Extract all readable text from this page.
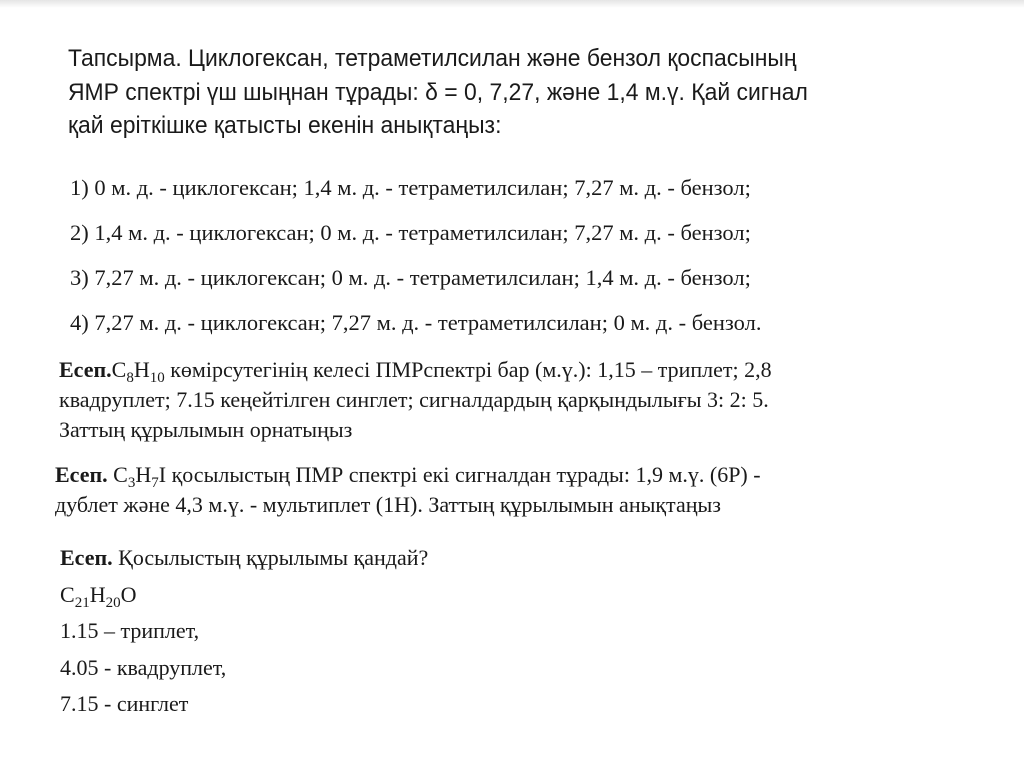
Тапсырма. Циклогексан, тетраметилсилан және бензол қоспасының
ЯМР спектрі үш шыңнан тұрады: δ = 0, 7,27, және 1,4 м.ү. Қай сигнал
қай еріткішке қатысты екенін анықтаңыз:
1) 0 м. д. - циклогексан; 1,4 м. д. - тетраметилсилан; 7,27 м. д. - бензол;
2) 1,4 м. д. - циклогексан; 0 м. д. - тетраметилсилан; 7,27 м. д. - бензол;
3) 7,27 м. д. - циклогексан; 0 м. д. - тетраметилсилан; 1,4 м. д. - бензол;
4) 7,27 м. д. - циклогексан; 7,27 м. д. - тетраметилсилан; 0 м. д. - бензол.
$Есеп.C_8H_{10}$ көмірсутегінің келесі ПМРспектрі бар (м.ү.): 1,15 – триплет; 2,8
квадруплет; 7.15 кеңейтілген синглет; сигналдардың қарқындылығы 3: 2: 5.
Заттың құрылымын орнатыңыз
Есеп. $C_3H_7I$ қосылыстың ПМР спектрі екі сигналдан тұрады: 1,9 м.ү. (6Р) -
дублет және 4,3 м.ү. - мультиплет (1Н). Заттың құрылымын анықтаңыз
Есеп. Қосылыстың құрылымы қандай?
$C_{21}H_{20}O$
1.15 – триплет,
4.05 - квадруплет,
7.15 - синглет
